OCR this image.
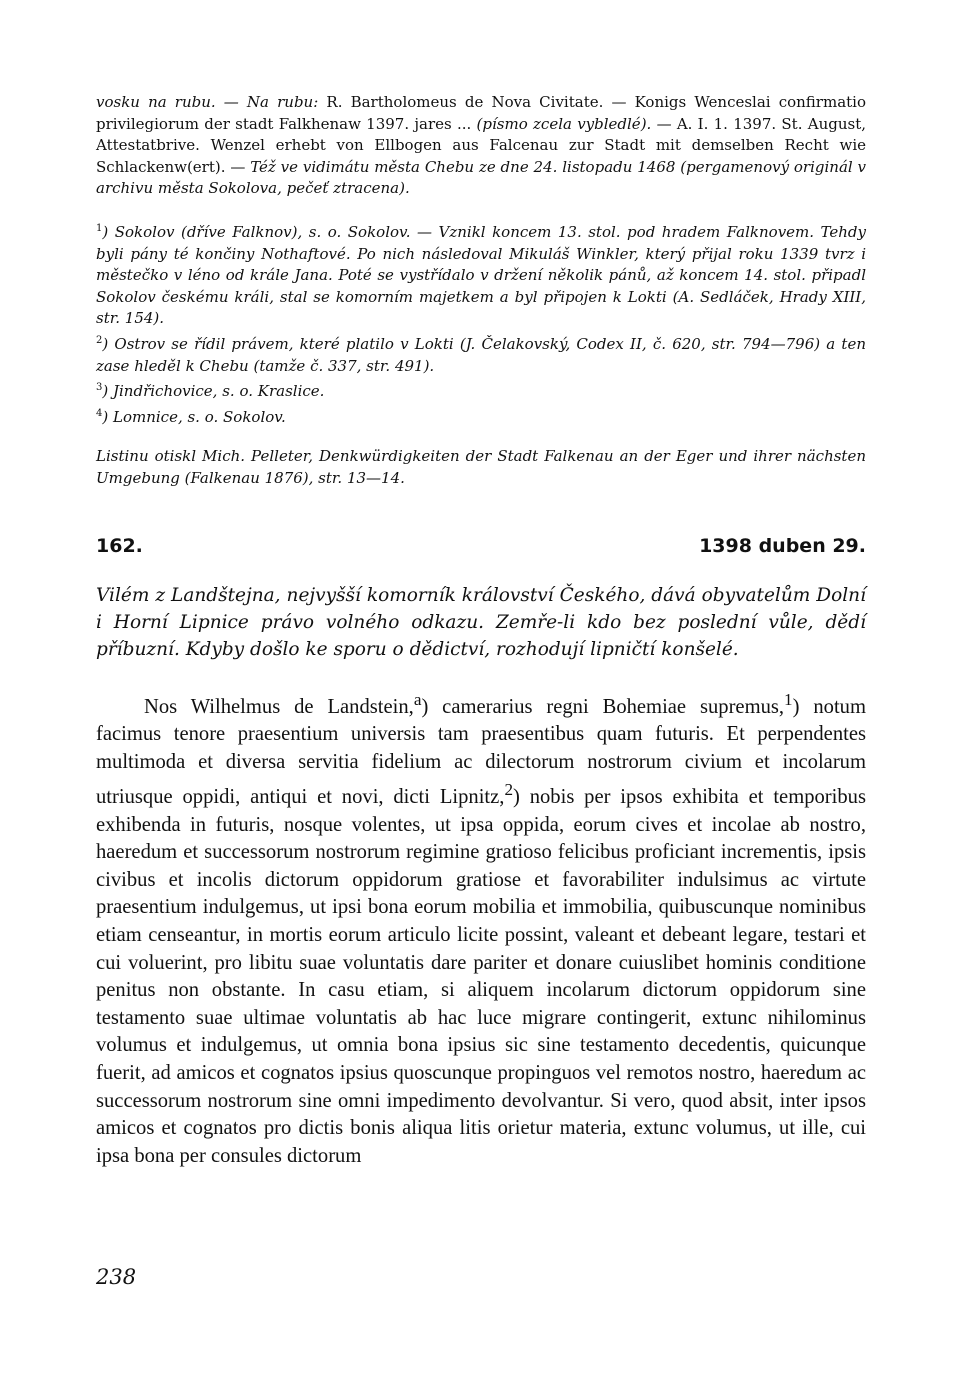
vosku na rubu. — Na rubu: R. Bartholomeus de Nova Civitate. — Konigs Wenceslai confirmatio privilegiorum der stadt Falkhenaw 1397. jares ... (písmo zcela vybledlé). — A. I. 1. 1397. St. August, Attestatbrive. Wenzel erhebt von Ellbogen aus Falcenau zur Stadt mit demselben Recht wie Schlackenw(ert). — Též ve vidimátu města Chebu ze dne 24. listopadu 1468 (pergamenový originál v archivu města Sokolova, pečeť ztracena).

$^1$) Sokolov (dříve Falknov), s. o. Sokolov. — Vznikl koncem 13. stol. pod hradem Falknovem. Tehdy byli pány té končiny Nothaftové. Po nich následoval Mikuláš Winkler, který přijal roku 1339 tvrz i městečko v léno od krále Jana. Poté se vystřídalo v držení několik pánů, až koncem 14. stol. připadl Sokolov českému králi, stal se komorním majetkem a byl připojen k Lokti (A. Sedláček, Hrady XIII, str. 154).

$^2$) Ostrov se řídil právem, které platilo v Lokti (J. Čelakovský, Codex II, č. 620, str. 794—796) a ten zase hleděl k Chebu (tamže č. 337, str. 491).

$^3$) Jindřichovice, s. o. Kraslice.

$^4$) Lomnice, s. o. Sokolov.

Listinu otiskl Mich. Pelleter, Denkwürdigkeiten der Stadt Falkenau an der Eger und ihrer nächsten Umgebung (Falkenau 1876), str. 13—14.
162.	1398 duben 29.
Vilém z Landštejna, nejvyšší komorník království Českého, dává obyvatelům Dolní i Horní Lipnice právo volného odkazu. Zemře-li kdo bez poslední vůle, dědí příbuzní. Kdyby došlo ke sporu o dědictví, rozhodují lipničtí konšelé.

Nos Wilhelmus de Landstein,$^a$) camerarius regni Bohemiae supremus,$^1$) notum facimus tenore praesentium universis tam praesentibus quam futuris. Et perpendentes multimoda et diversa servitia fidelium ac dilectorum nostrorum civium et incolarum utriusque oppidi, antiqui et novi, dicti Lipnitz,$^2$) nobis per ipsos exhibita et temporibus exhibenda in futuris, nosque volentes, ut ipsa oppida, eorum cives et incolae ab nostro, haeredum et successorum nostrorum regimine gratioso felicibus proficiant incrementis, ipsis civibus et incolis dictorum oppidorum gratiose et favorabiliter indulsimus ac virtute praesentium indulgemus, ut ipsi bona eorum mobilia et immobilia, quibuscunque nominibus etiam censeantur, in mortis eorum articulo licite possint, valeant et debeant legare, testari et cui voluerint, pro libitu suae voluntatis dare pariter et donare cuiuslibet hominis conditione penitus non obstante. In casu etiam, si aliquem incolarum dictorum oppidorum sine testamento suae ultimae voluntatis ab hac luce migrare contingerit, extunc nihilominus volumus et indulgemus, ut omnia bona ipsius sic sine testamento decedentis, quicunque fuerit, ad amicos et cognatos ipsius quoscunque propinguos vel remotos nostro, haeredum ac successorum nostrorum sine omni impedimento devolvantur. Si vero, quod absit, inter ipsos amicos et cognatos pro dictis bonis aliqua litis orietur materia, extunc volumus, ut ille, cui ipsa bona per consules dictorum

238
